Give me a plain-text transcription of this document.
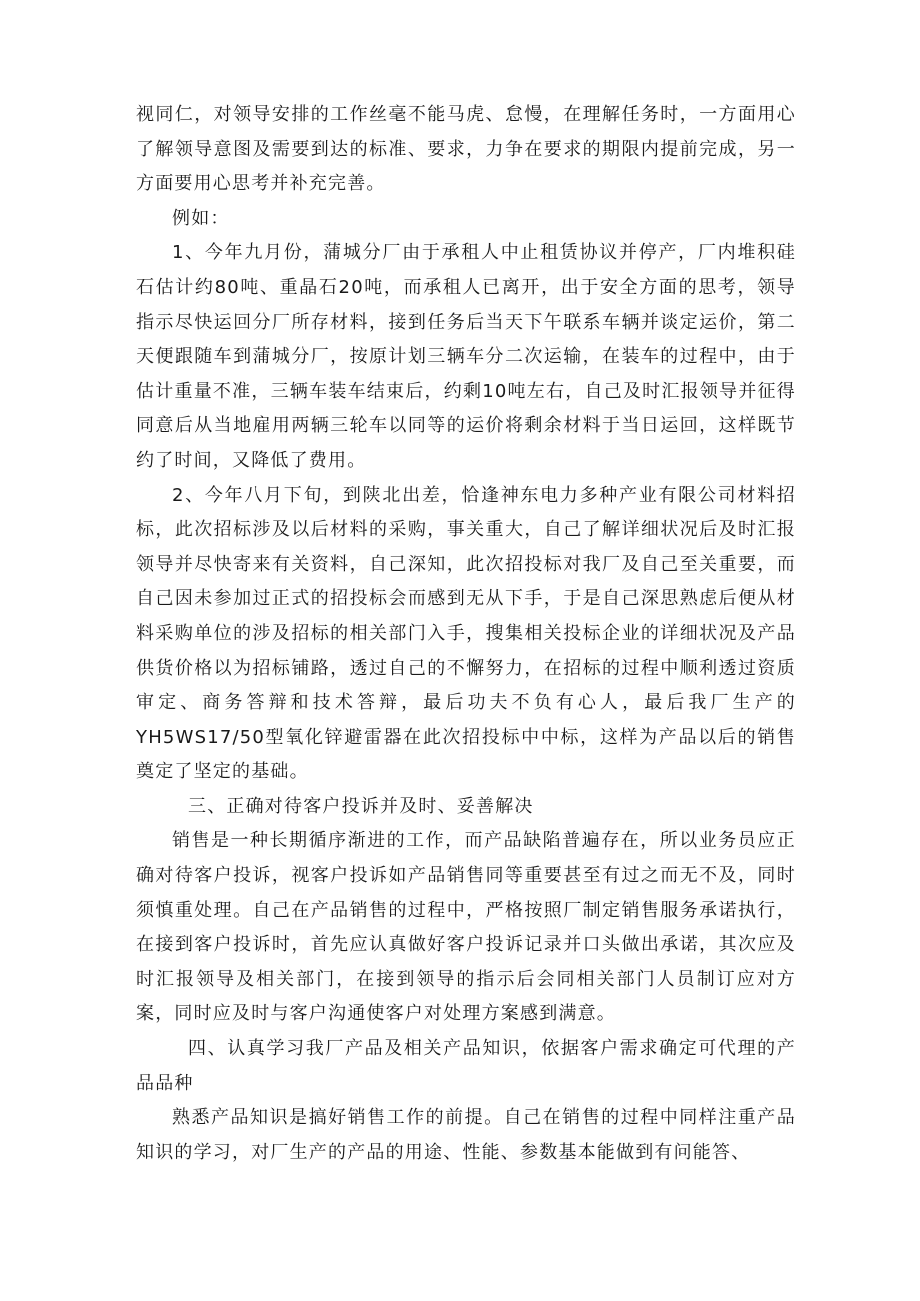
视同仁，对领导安排的工作丝毫不能马虎、怠慢，在理解任务时，一方面用心了解领导意图及需要到达的标准、要求，力争在要求的期限内提前完成，另一方面要用心思考并补充完善。

例如：

1、今年九月份，蒲城分厂由于承租人中止租赁协议并停产，厂内堆积硅石估计约80吨、重晶石20吨，而承租人已离开，出于安全方面的思考，领导指示尽快运回分厂所存材料，接到任务后当天下午联系车辆并谈定运价，第二天便跟随车到蒲城分厂，按原计划三辆车分二次运输，在装车的过程中，由于估计重量不准，三辆车装车结束后，约剩10吨左右，自己及时汇报领导并征得同意后从当地雇用两辆三轮车以同等的运价将剩余材料于当日运回，这样既节约了时间，又降低了费用。

2、今年八月下旬，到陕北出差，恰逢神东电力多种产业有限公司材料招标，此次招标涉及以后材料的采购，事关重大，自己了解详细状况后及时汇报领导并尽快寄来有关资料，自己深知，此次招投标对我厂及自己至关重要，而自己因未参加过正式的招投标会而感到无从下手，于是自己深思熟虑后便从材料采购单位的涉及招标的相关部门入手，搜集相关投标企业的详细状况及产品供货价格以为招标铺路，透过自己的不懈努力，在招标的过程中顺利透过资质审定、商务答辩和技术答辩，最后功夫不负有心人，最后我厂生产的YH5WS17/50型氧化锌避雷器在此次招投标中中标，这样为产品以后的销售奠定了坚定的基础。

三、正确对待客户投诉并及时、妥善解决

销售是一种长期循序渐进的工作，而产品缺陷普遍存在，所以业务员应正确对待客户投诉，视客户投诉如产品销售同等重要甚至有过之而无不及，同时须慎重处理。自己在产品销售的过程中，严格按照厂制定销售服务承诺执行，在接到客户投诉时，首先应认真做好客户投诉记录并口头做出承诺，其次应及时汇报领导及相关部门，在接到领导的指示后会同相关部门人员制订应对方案，同时应及时与客户沟通使客户对处理方案感到满意。

四、认真学习我厂产品及相关产品知识，依据客户需求确定可代理的产品品种

熟悉产品知识是搞好销售工作的前提。自己在销售的过程中同样注重产品知识的学习，对厂生产的产品的用途、性能、参数基本能做到有问能答、
